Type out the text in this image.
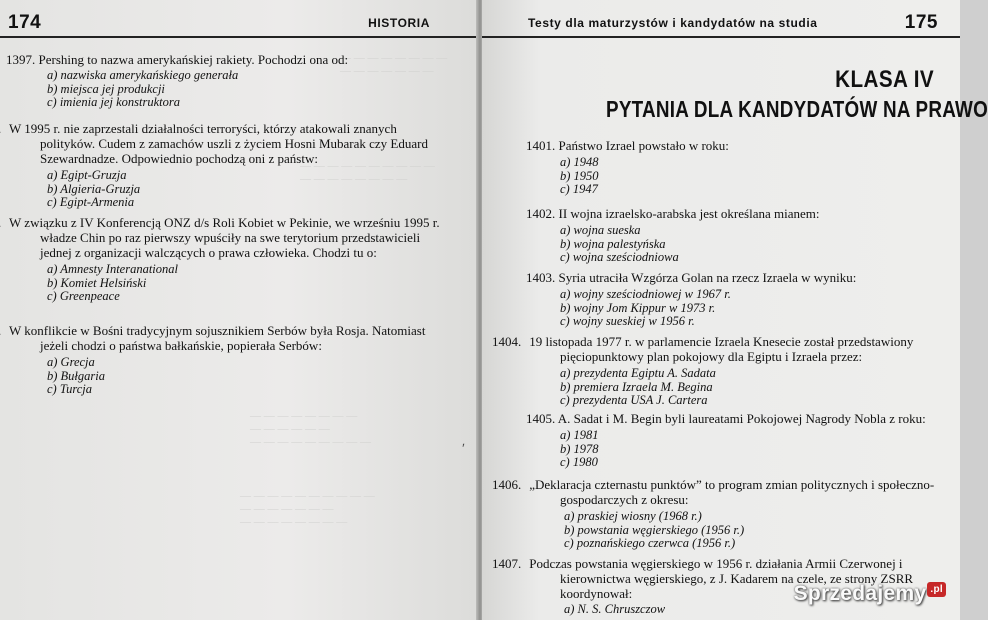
174	HISTORIA
— — — — — — — —
— — — — — — —
— — — — — — — — — —
— — — — — — — —
1397. Pershing to nazwa amerykańskiej rakiety. Pochodzi ona od:
a) nazwiska amerykańskiego generała
b) miejsca jej produkcji
c) imienia jej konstruktora
W 1995 r. nie zaprzestali działalności terroryści, którzy atakowali znanych polityków. Cudem z zamachów uszli z życiem Hosni Mubarak czy Eduard Szewardnadze. Odpowiednio pochodzą oni z państw:
a) Egipt-Gruzja
b) Algieria-Gruzja
c) Egipt-Armenia
W związku z IV Konferencją ONZ d/s Roli Kobiet w Pekinie, we wrześniu 1995 r. władze Chin po raz pierwszy wpuściły na swe terytorium przedstawicieli jednej z organizacji walczących o prawa człowieka. Chodzi tu o:
a) Amnesty Interanational
b) Komiet Helsiński
c) Greenpeace
W konflikcie w Bośni tradycyjnym sojusznikiem Serbów była Rosja. Natomiast jeżeli chodzi o państwa bałkańskie, popierała Serbów:
a) Grecja
b) Bułgaria
c) Turcja
— — — — — — — —
— — — — — —
— — — — — — — — —
— — — — — — — — — —
— — — — — — —
— — — — — — — —
ʹ
Testy dla maturzystów i kandydatów na studia	175
KLASA IV
PYTANIA DLA KANDYDATÓW NA PRAWO
1401. Państwo Izrael powstało w roku:
a) 1948
b) 1950
c) 1947
1402. II wojna izraelsko-arabska jest określana mianem:
a) wojna sueska
b) wojna palestyńska
c) wojna sześciodniowa
1403. Syria utraciła Wzgórza Golan na rzecz Izraela w wyniku:
a) wojny sześciodniowej w 1967 r.
b) wojny Jom Kippur w 1973 r.
c) wojny sueskiej w 1956 r.
1404. 19 listopada 1977 r. w parlamencie Izraela Knesecie został przedstawiony pięciopunktowy plan pokojowy dla Egiptu i Izraela przez:
a) prezydenta Egiptu A. Sadata
b) premiera Izraela M. Begina
c) prezydenta USA J. Cartera
1405. A. Sadat i M. Begin byli laureatami Pokojowej Nagrody Nobla z roku:
a) 1981
b) 1978
c) 1980
1406. „Deklaracja czternastu punktów” to program zmian politycznych i społeczno-gospodarczych z okresu:
a) praskiej wiosny (1968 r.)
b) powstania węgierskiego (1956 r.)
c) poznańskiego czerwca (1956 r.)
1407. Podczas powstania węgierskiego w 1956 r. działania Armii Czerwonej i kierownictwa węgierskiego, z J. Kadarem na czele, ze strony ZSRR koordynował:
a) N. S. Chruszczow
Sprzedajemy .pl
